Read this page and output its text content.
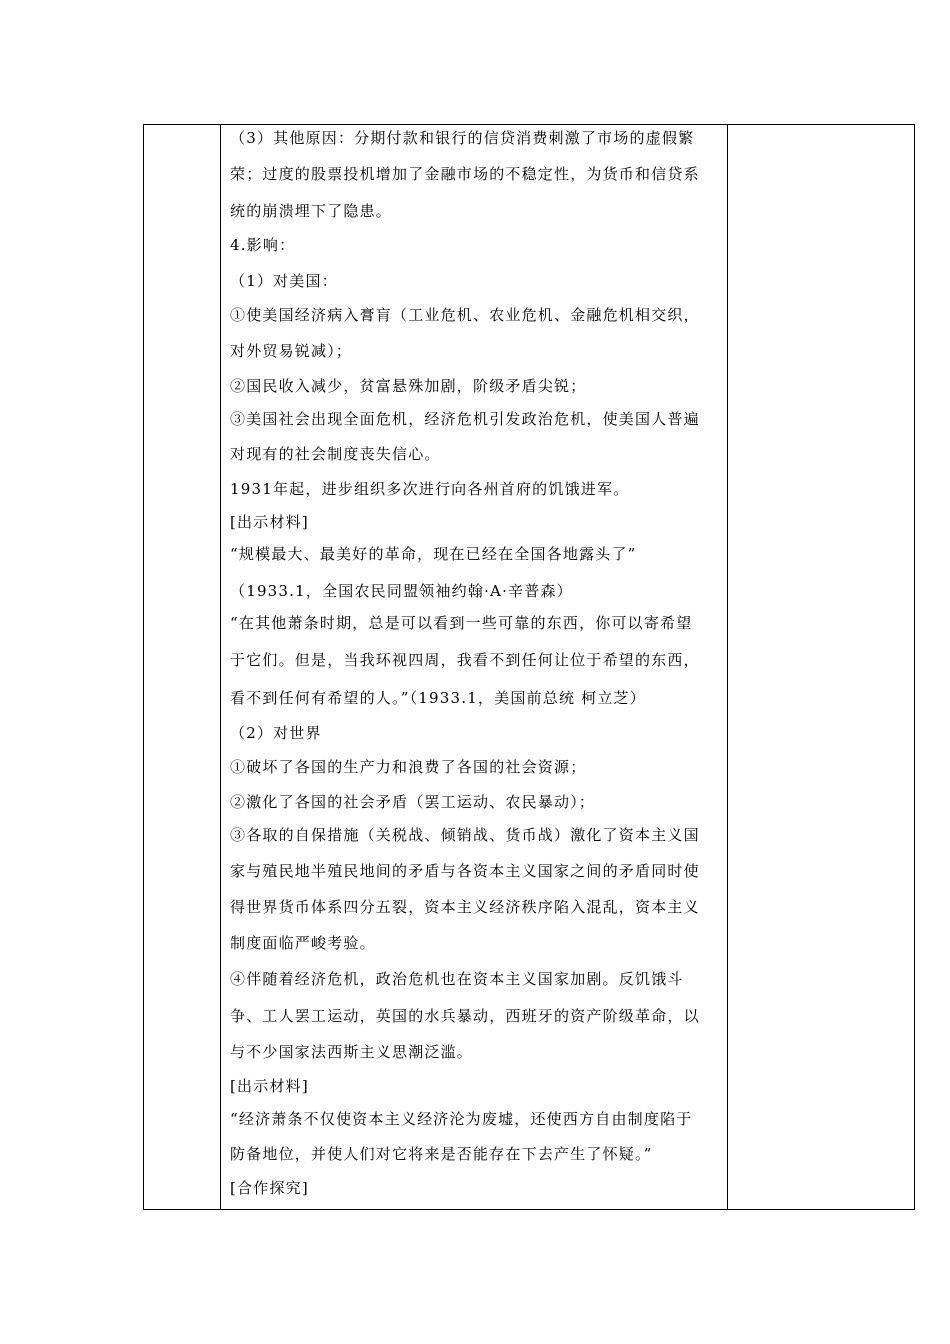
（3）其他原因：分期付款和银行的信贷消费刺激了市场的虚假繁
荣；过度的股票投机增加了金融市场的不稳定性，为货币和信贷系
统的崩溃埋下了隐患。
4.影响：
（1）对美国：
①使美国经济病入膏肓（工业危机、农业危机、金融危机相交织，
对外贸易锐减）；
②国民收入减少，贫富悬殊加剧，阶级矛盾尖锐；
③美国社会出现全面危机，经济危机引发政治危机，使美国人普遍
对现有的社会制度丧失信心。
1931年起，进步组织多次进行向各州首府的饥饿进军。
[出示材料]
“规模最大、最美好的革命，现在已经在全国各地露头了”
（1933.1，全国农民同盟领袖约翰·A·辛普森）
“在其他萧条时期，总是可以看到一些可靠的东西，你可以寄希望
于它们。但是，当我环视四周，我看不到任何让位于希望的东西，
看不到任何有希望的人。”（1933.1，美国前总统 柯立芝）
（2）对世界
①破坏了各国的生产力和浪费了各国的社会资源；
②激化了各国的社会矛盾（罢工运动、农民暴动）；
③各取的自保措施（关税战、倾销战、货币战）激化了资本主义国
家与殖民地半殖民地间的矛盾与各资本主义国家之间的矛盾同时使
得世界货币体系四分五裂，资本主义经济秩序陷入混乱，资本主义
制度面临严峻考验。
④伴随着经济危机，政治危机也在资本主义国家加剧。反饥饿斗
争、工人罢工运动，英国的水兵暴动，西班牙的资产阶级革命，以
与不少国家法西斯主义思潮泛滥。
[出示材料]
“经济萧条不仅使资本主义经济沦为废墟，还使西方自由制度陷于
防备地位，并使人们对它将来是否能存在下去产生了怀疑。”
[合作探究]
